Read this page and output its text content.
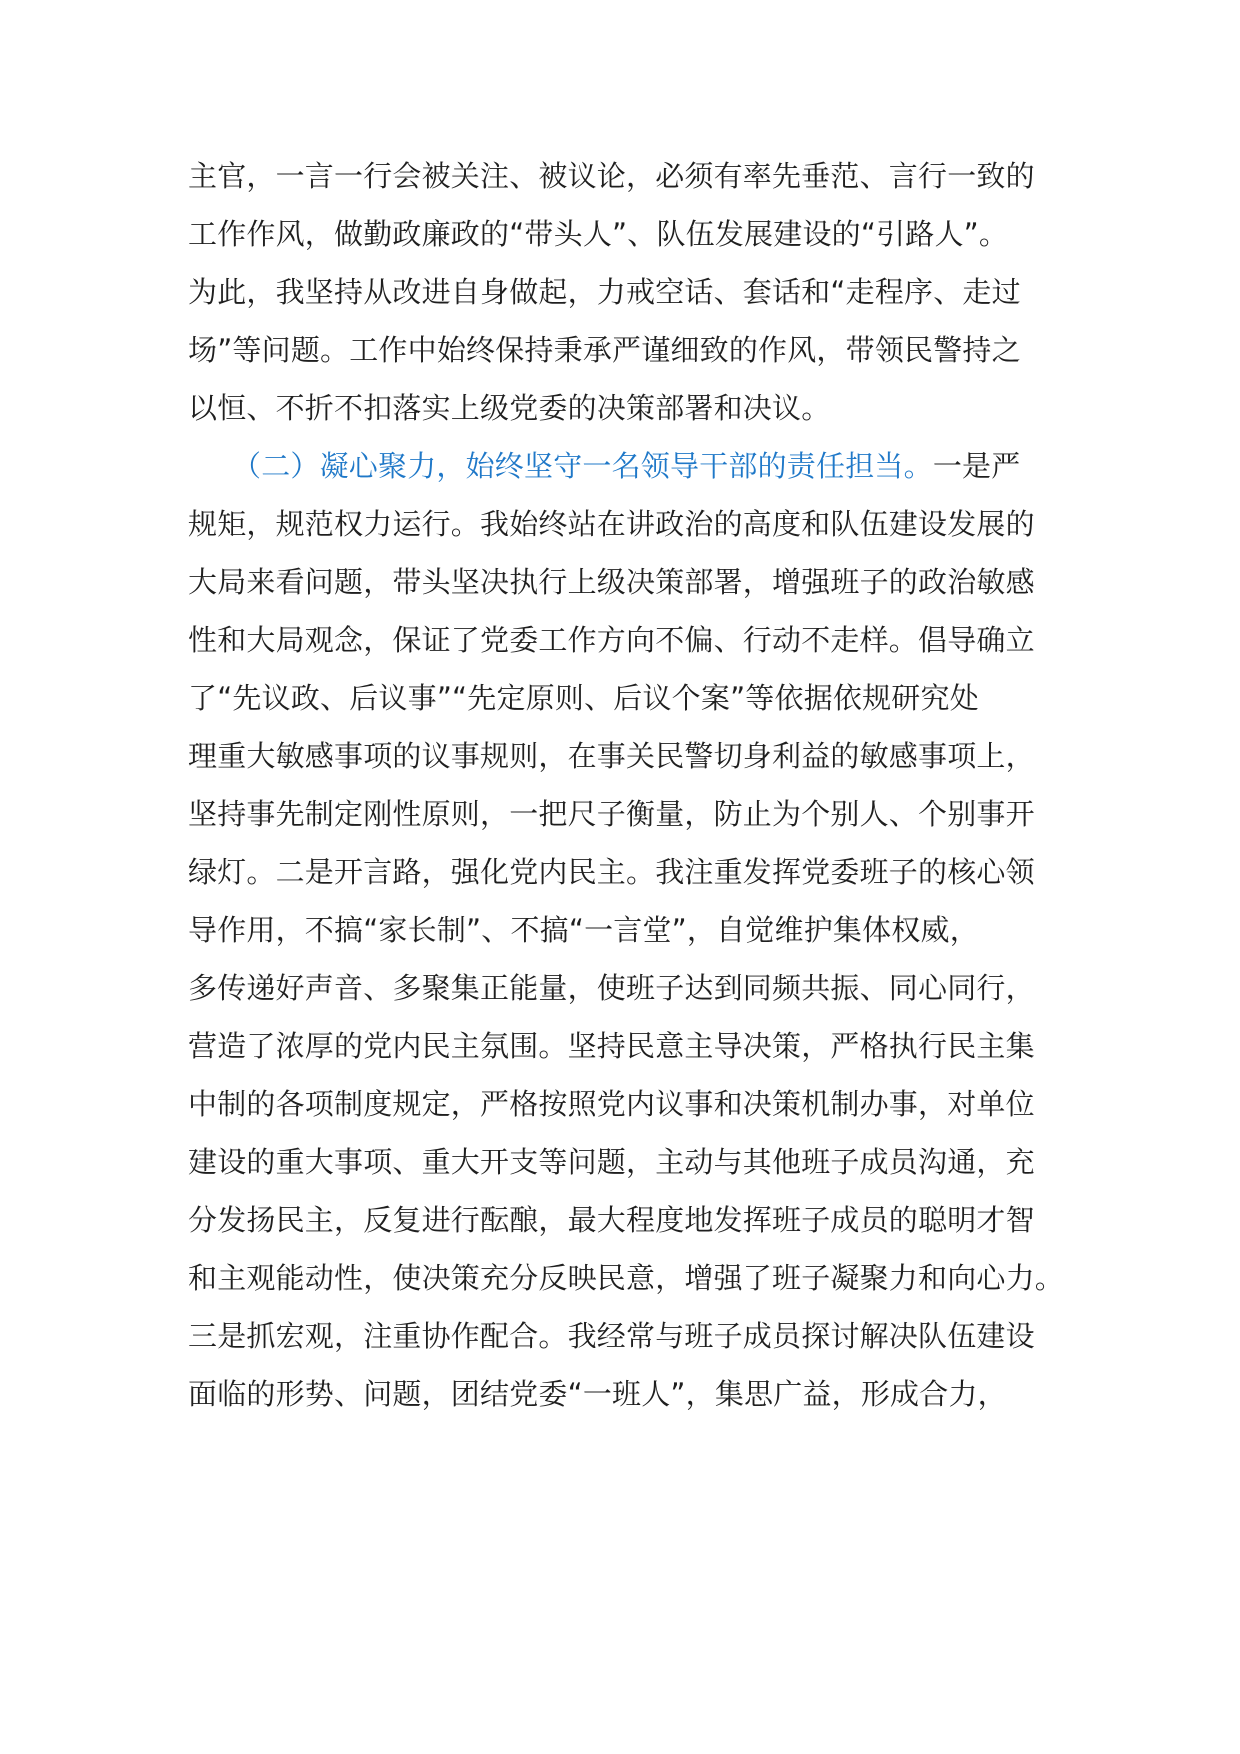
主官，一言一行会被关注、被议论，必须有率先垂范、言行一致的
工作作风，做勤政廉政的“带头人”、队伍发展建设的“引路人”。
为此，我坚持从改进自身做起，力戒空话、套话和“走程序、走过
场”等问题。工作中始终保持秉承严谨细致的作风，带领民警持之
以恒、不折不扣落实上级党委的决策部署和决议。
（二）凝心聚力，始终坚守一名领导干部的责任担当。一是严
规矩，规范权力运行。我始终站在讲政治的高度和队伍建设发展的
大局来看问题，带头坚决执行上级决策部署，增强班子的政治敏感
性和大局观念，保证了党委工作方向不偏、行动不走样。倡导确立
了“先议政、后议事”“先定原则、后议个案”等依据依规研究处
理重大敏感事项的议事规则，在事关民警切身利益的敏感事项上，
坚持事先制定刚性原则，一把尺子衡量，防止为个别人、个别事开
绿灯。二是开言路，强化党内民主。我注重发挥党委班子的核心领
导作用，不搞“家长制”、不搞“一言堂”，自觉维护集体权威，
多传递好声音、多聚集正能量，使班子达到同频共振、同心同行，
营造了浓厚的党内民主氛围。坚持民意主导决策，严格执行民主集
中制的各项制度规定，严格按照党内议事和决策机制办事，对单位
建设的重大事项、重大开支等问题，主动与其他班子成员沟通，充
分发扬民主，反复进行酝酿，最大程度地发挥班子成员的聪明才智
和主观能动性，使决策充分反映民意，增强了班子凝聚力和向心力。
三是抓宏观，注重协作配合。我经常与班子成员探讨解决队伍建设
面临的形势、问题，团结党委“一班人”，集思广益，形成合力，
